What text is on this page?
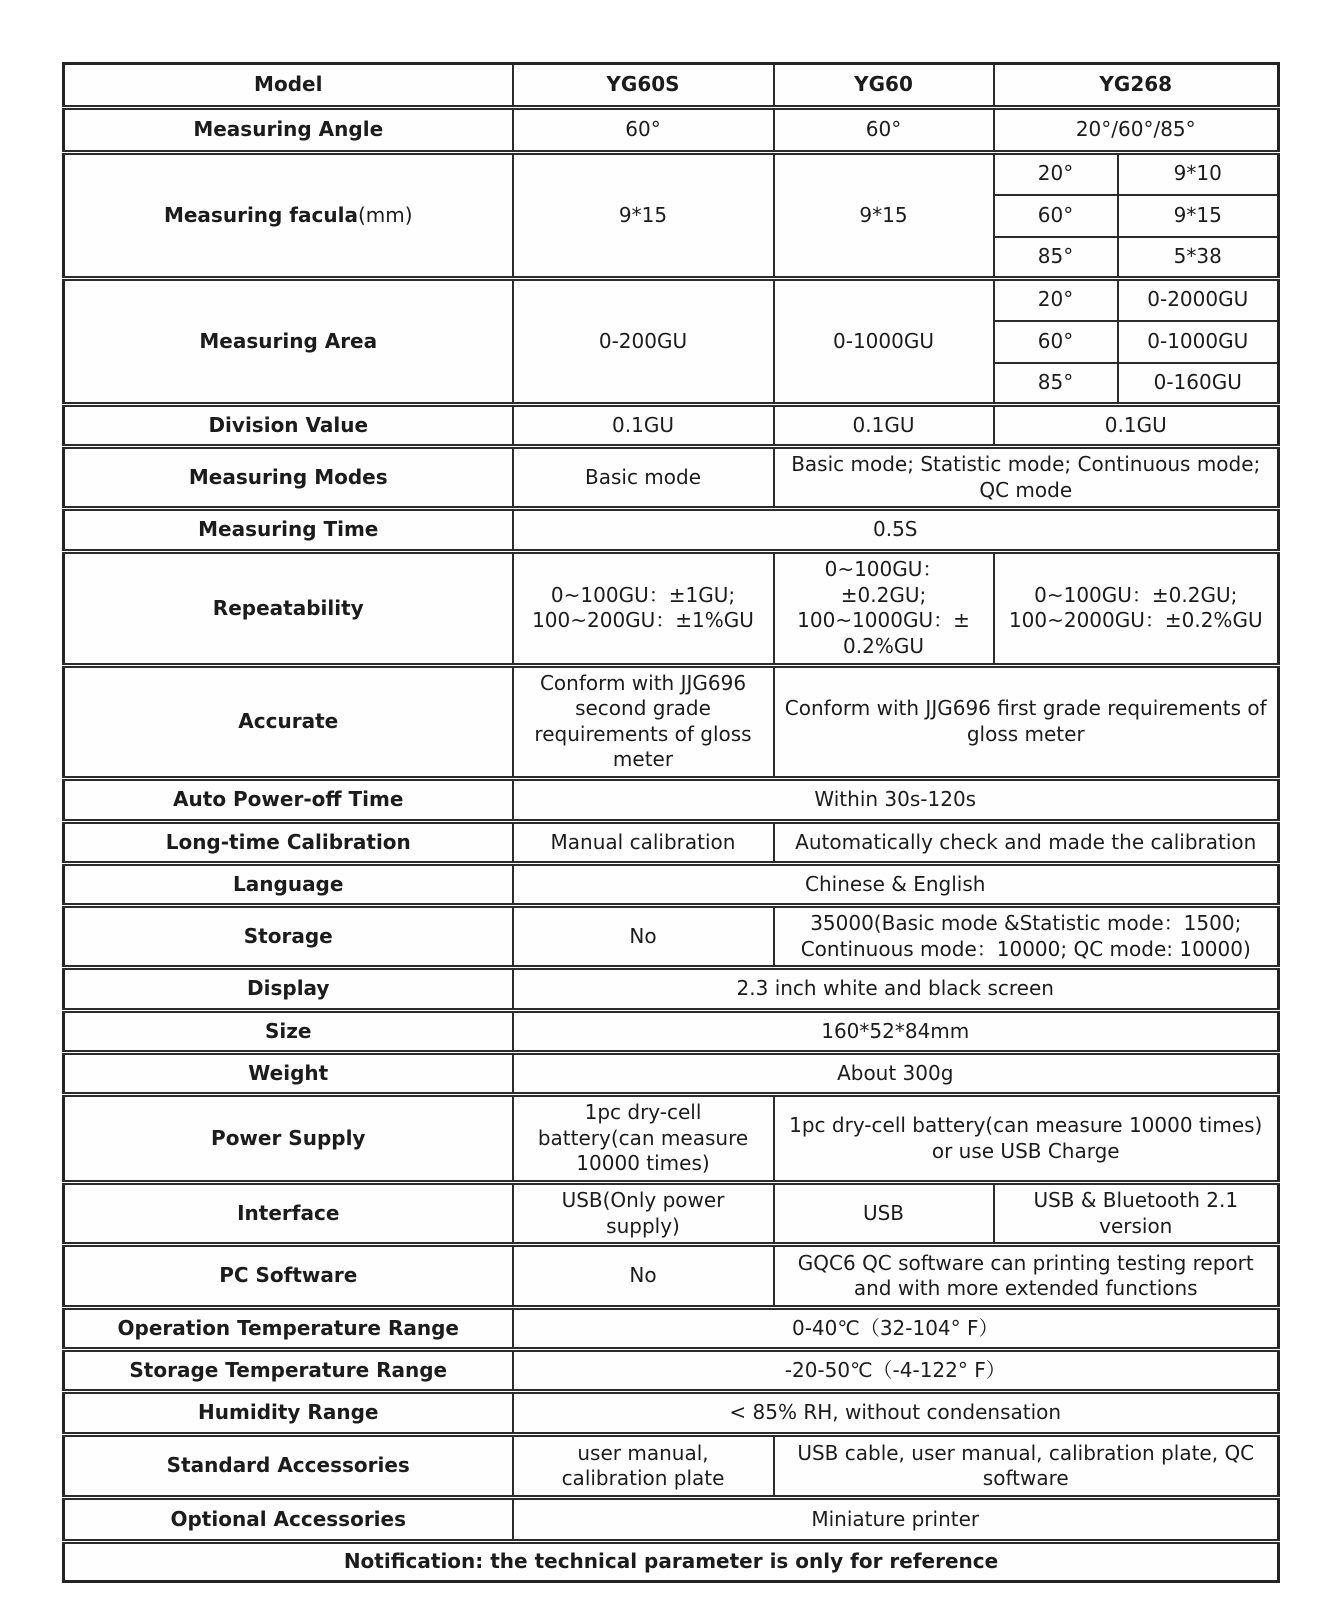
Model	YG60S	YG60	YG268	
Measuring Angle	60°	60°	20°/60°/85°	
Measuring facula(mm)	9*15	9*15	20°	9*10
			60°	9*15
			85°	5*38
Measuring Area	0-200GU	0-1000GU	20°	0-2000GU
			60°	0-1000GU
			85°	0-160GU
Division Value	0.1GU	0.1GU	0.1GU	
Measuring Modes	Basic mode	Basic mode; Statistic mode; Continuous mode; QC mode		
Measuring Time	0.5S			
Repeatability	0~100GU：±1GU; 100~200GU：±1%GU	0~100GU：±0.2GU; 100~1000GU：± 0.2%GU	0~100GU：±0.2GU; 100~2000GU：±0.2%GU	
Accurate	Conform with JJG696 second grade requirements of gloss meter	Conform with JJG696 first grade requirements of gloss meter		
Auto Power-off Time	Within 30s-120s			
Long-time Calibration	Manual calibration	Automatically check and made the calibration		
Language	Chinese & English			
Storage	No	35000(Basic mode &Statistic mode：1500; Continuous mode：10000; QC mode: 10000)		
Display	2.3 inch white and black screen			
Size	160*52*84mm			
Weight	About 300g			
Power Supply	1pc dry-cell battery(can measure 10000 times)	1pc dry-cell battery(can measure 10000 times) or use USB Charge		
Interface	USB(Only power supply)	USB	USB & Bluetooth 2.1 version	
PC Software	No	GQC6 QC software can printing testing report and with more extended functions		
Operation Temperature Range	0-40℃（32-104° F）			
Storage Temperature Range	-20-50℃（-4-122° F）			
Humidity Range	< 85% RH, without condensation			
Standard Accessories	user manual, calibration plate	USB cable, user manual, calibration plate, QC software		
Optional Accessories	Miniature printer			
Notification: the technical parameter is only for reference				
